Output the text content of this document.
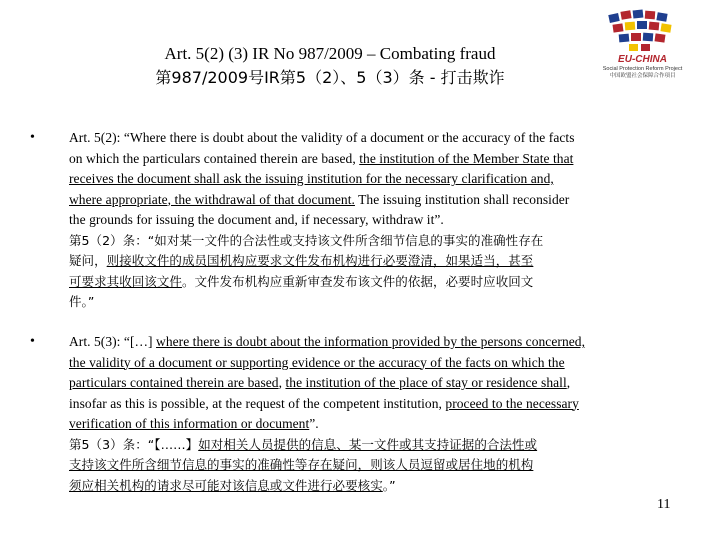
Art. 5(2) (3) IR No 987/2009 – Combating fraud
第987/2009号IR第5（2）、5（3）条 - 打击欺诈
EU-CHINA
Social Protection Reform Project
中国欧盟社会保障合作项目
•	Art. 5(2): “Where there is doubt about the validity of a document or the accuracy of the facts
on which the particulars contained therein are based, the institution of the Member State that
receives the document shall ask the issuing institution for the necessary clarification and,
where appropriate, the withdrawal of that document. The issuing institution shall reconsider
the grounds for issuing the document and, if necessary, withdraw it”.
第5（2）条：“如对某一文件的合法性或支持该文件所含细节信息的事实的准确性存在
疑问，则接收文件的成员国机构应要求文件发布机构进行必要澄清，如果适当，甚至
可要求其收回该文件。文件发布机构应重新审查发布该文件的依据，必要时应收回文
件。”
•	Art. 5(3): “[…] where there is doubt about the information provided by the persons concerned,
the validity of a document or supporting evidence or the accuracy of the facts on which the
particulars contained therein are based, the institution of the place of stay or residence shall,
insofar as this is possible, at the request of the competent institution, proceed to the necessary
verification of this information or document”.
第5（3）条：“【……】如对相关人员提供的信息、某一文件或其支持证据的合法性或
支持该文件所含细节信息的事实的准确性等存在疑问，则该人员逗留或居住地的机构
须应相关机构的请求尽可能对该信息或文件进行必要核实。”
11
